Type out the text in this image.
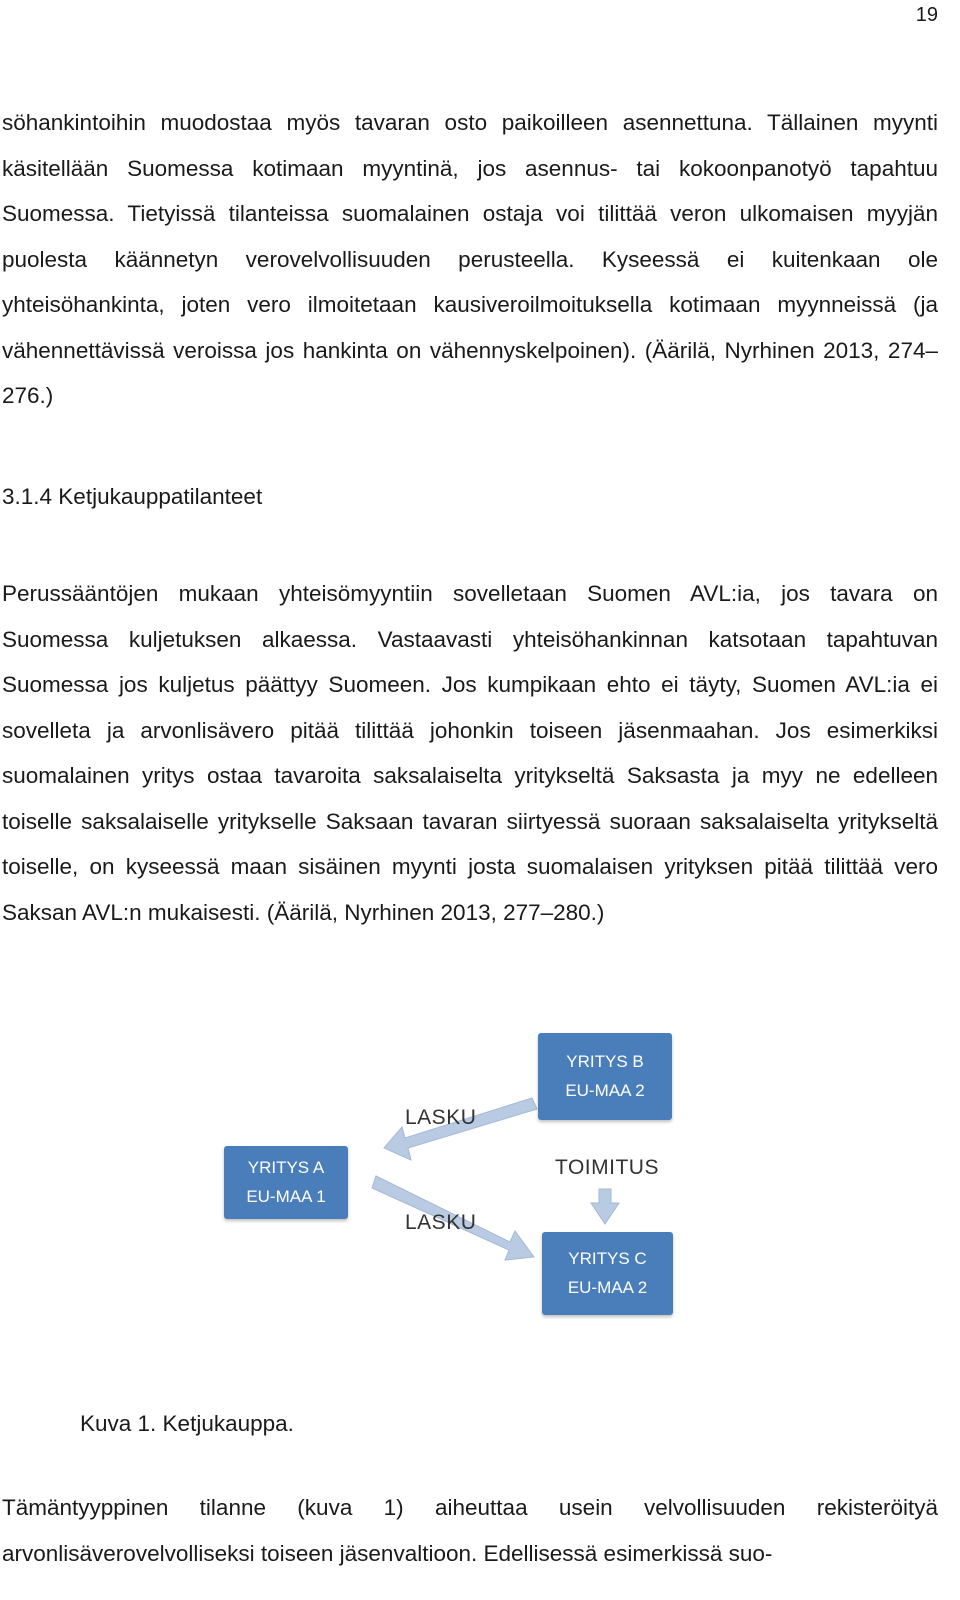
19

söhankintoihin muodostaa myös tavaran osto paikoilleen asennettuna. Tällainen myynti käsitellään Suomessa kotimaan myyntinä, jos asennus- tai kokoonpanotyö tapahtuu Suomessa. Tietyissä tilanteissa suomalainen ostaja voi tilittää veron ulkomaisen myyjän puolesta käännetyn verovelvollisuuden perusteella. Kyseessä ei kuitenkaan ole yhteisöhankinta, joten vero ilmoitetaan kausiveroilmoituksella kotimaan myynneissä (ja vähennettävissä veroissa jos hankinta on vähennyskelpoinen). (Äärilä, Nyrhinen 2013, 274–276.)

3.1.4 Ketjukauppatilanteet

Perussääntöjen mukaan yhteisömyyntiin sovelletaan Suomen AVL:ia, jos tavara on Suomessa kuljetuksen alkaessa. Vastaavasti yhteisöhankinnan katsotaan tapahtuvan Suomessa jos kuljetus päättyy Suomeen. Jos kumpikaan ehto ei täyty, Suomen AVL:ia ei sovelleta ja arvonlisävero pitää tilittää johonkin toiseen jäsenmaahan. Jos esimerkiksi suomalainen yritys ostaa tavaroita saksalaiselta yritykseltä Saksasta ja myy ne edelleen toiselle saksalaiselle yritykselle Saksaan tavaran siirtyessä suoraan saksalaiselta yritykseltä toiselle, on kyseessä maan sisäinen myynti josta suomalaisen yrityksen pitää tilittää vero Saksan AVL:n mukaisesti. (Äärilä, Nyrhinen 2013, 277–280.)

YRITYS B
EU-MAA 2
YRITYS A
EU-MAA 1
YRITYS C
EU-MAA 2
LASKU
TOIMITUS
LASKU

Kuva 1. Ketjukauppa.

Tämäntyyppinen tilanne (kuva 1) aiheuttaa usein velvollisuuden rekisteröityä arvonlisäverovelvolliseksi toiseen jäsenvaltioon. Edellisessä esimerkissä suo-
